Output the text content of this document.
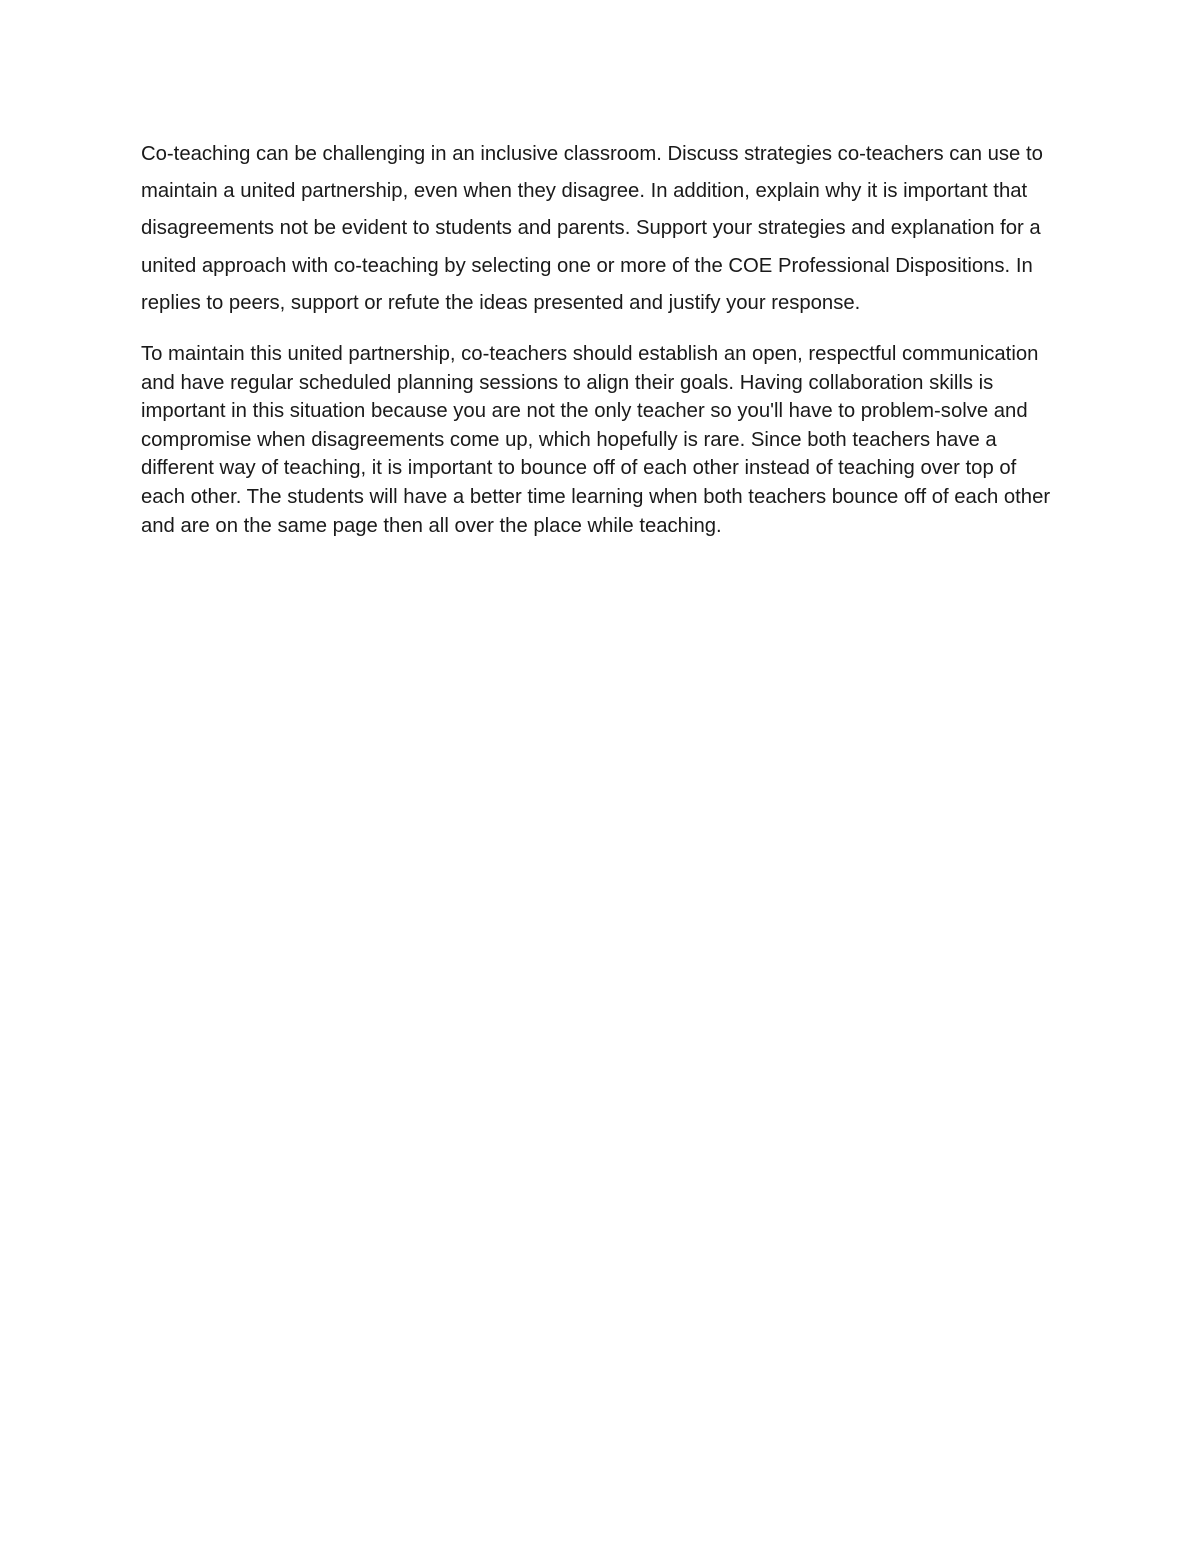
Co-teaching can be challenging in an inclusive classroom. Discuss strategies co-teachers can use to maintain a united partnership, even when they disagree. In addition, explain why it is important that disagreements not be evident to students and parents. Support your strategies and explanation for a united approach with co-teaching by selecting one or more of the COE Professional Dispositions. In replies to peers, support or refute the ideas presented and justify your response.

To maintain this united partnership, co-teachers should establish an open, respectful communication and have regular scheduled planning sessions to align their goals. Having collaboration skills is important in this situation because you are not the only teacher so you'll have to problem-solve and compromise when disagreements come up, which hopefully is rare. Since both teachers have a different way of teaching, it is important to bounce off of each other instead of teaching over top of each other. The students will have a better time learning when both teachers bounce off of each other and are on the same page then all over the place while teaching.
